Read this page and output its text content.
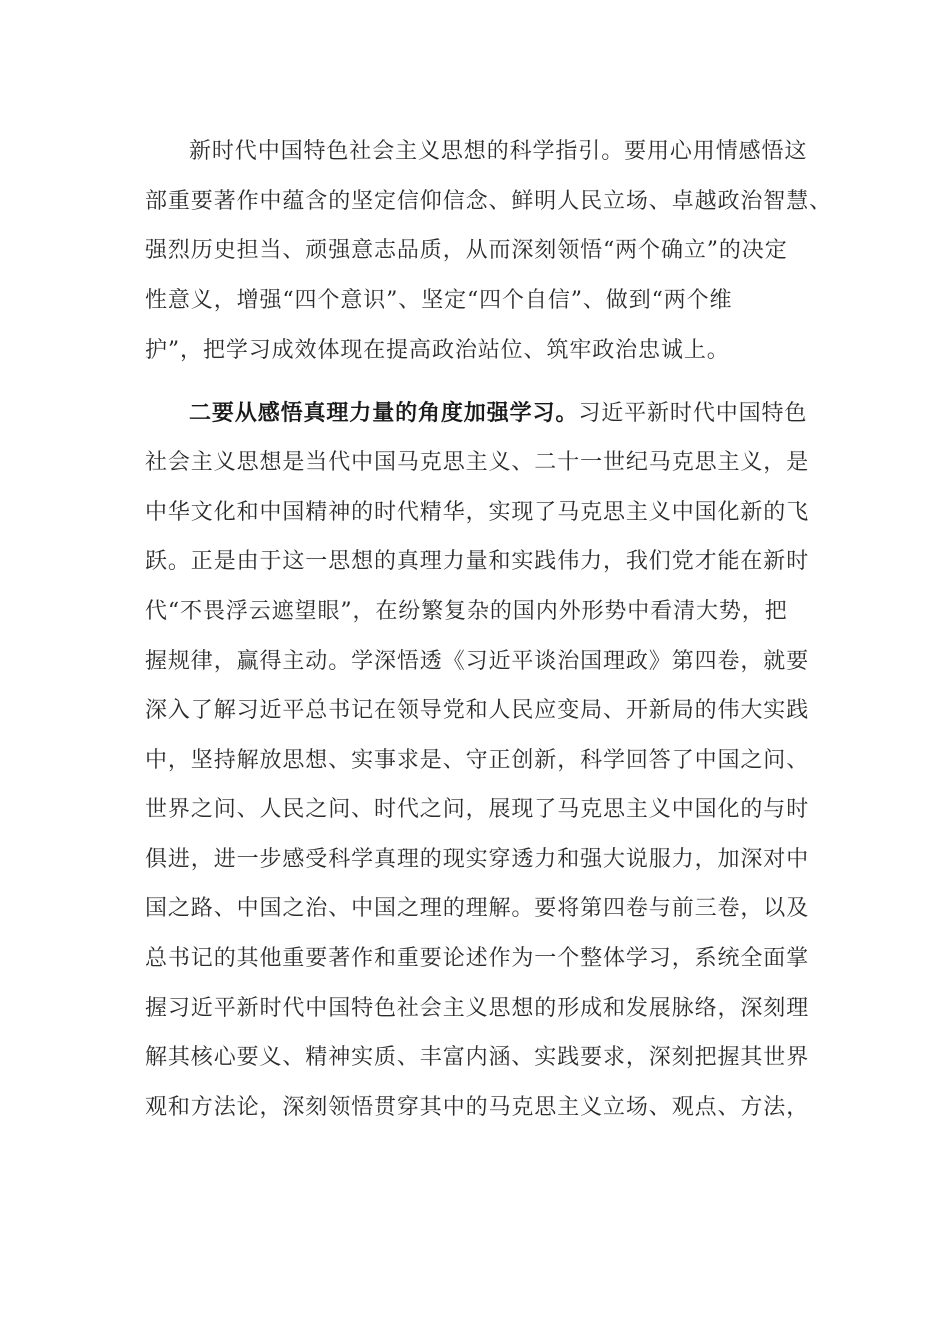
新时代中国特色社会主义思想的科学指引。要用心用情感悟这
部重要著作中蕴含的坚定信仰信念、鲜明人民立场、卓越政治智慧、
强烈历史担当、顽强意志品质，从而深刻领悟“两个确立”的决定
性意义，增强“四个意识”、坚定“四个自信”、做到“两个维
护”，把学习成效体现在提高政治站位、筑牢政治忠诚上。
二要从感悟真理力量的角度加强学习。习近平新时代中国特色
社会主义思想是当代中国马克思主义、二十一世纪马克思主义，是
中华文化和中国精神的时代精华，实现了马克思主义中国化新的飞
跃。正是由于这一思想的真理力量和实践伟力，我们党才能在新时
代“不畏浮云遮望眼”，在纷繁复杂的国内外形势中看清大势，把
握规律，赢得主动。学深悟透《习近平谈治国理政》第四卷，就要
深入了解习近平总书记在领导党和人民应变局、开新局的伟大实践
中，坚持解放思想、实事求是、守正创新，科学回答了中国之问、
世界之问、人民之问、时代之问，展现了马克思主义中国化的与时
俱进，进一步感受科学真理的现实穿透力和强大说服力，加深对中
国之路、中国之治、中国之理的理解。要将第四卷与前三卷，以及
总书记的其他重要著作和重要论述作为一个整体学习，系统全面掌
握习近平新时代中国特色社会主义思想的形成和发展脉络，深刻理
解其核心要义、精神实质、丰富内涵、实践要求，深刻把握其世界
观和方法论，深刻领悟贯穿其中的马克思主义立场、观点、方法，
